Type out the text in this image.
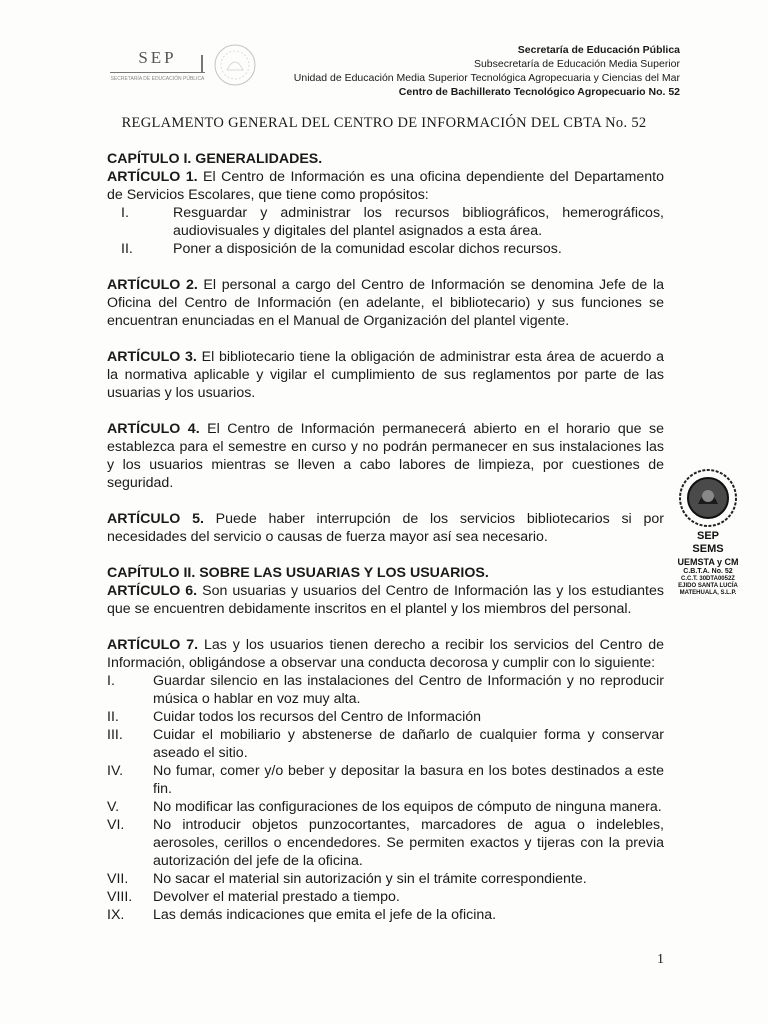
SEP
SECRETARÍA DE EDUCACIÓN PÚBLICA
Secretaría de Educación Pública
Subsecretaría de Educación Media Superior
Unidad de Educación Media Superior Tecnológica Agropecuaria y Ciencias del Mar
Centro de Bachillerato Tecnológico Agropecuario No. 52
REGLAMENTO GENERAL DEL CENTRO DE INFORMACIÓN DEL CBTA No. 52

CAPÍTULO I. GENERALIDADES.

ARTÍCULO 1. El Centro de Información es una oficina dependiente del Departamento de Servicios Escolares, que tiene como propósitos:

I.	Resguardar y administrar los recursos bibliográficos, hemerográficos, audiovisuales y digitales del plantel asignados a esta área.
II.	Poner a disposición de la comunidad escolar dichos recursos.

ARTÍCULO 2. El personal a cargo del Centro de Información se denomina Jefe de la Oficina del Centro de Información (en adelante, el bibliotecario) y sus funciones se encuentran enunciadas en el Manual de Organización del plantel vigente.

ARTÍCULO 3. El bibliotecario tiene la obligación de administrar esta área de acuerdo a la normativa aplicable y vigilar el cumplimiento de sus reglamentos por parte de las usuarias y los usuarios.

ARTÍCULO 4. El Centro de Información permanecerá abierto en el horario que se establezca para el semestre en curso y no podrán permanecer en sus instalaciones las y los usuarios mientras se lleven a cabo labores de limpieza, por cuestiones de seguridad.

ARTÍCULO 5. Puede haber interrupción de los servicios bibliotecarios si por necesidades del servicio o causas de fuerza mayor así sea necesario.

CAPÍTULO II. SOBRE LAS USUARIAS Y LOS USUARIOS.

ARTÍCULO 6. Son usuarias y usuarios del Centro de Información las y los estudiantes que se encuentren debidamente inscritos en el plantel y los miembros del personal.

ARTÍCULO 7. Las y los usuarios tienen derecho a recibir los servicios del Centro de Información, obligándose a observar una conducta decorosa y cumplir con lo siguiente:

I.	Guardar silencio en las instalaciones del Centro de Información y no reproducir música o hablar en voz muy alta.
II.	Cuidar todos los recursos del Centro de Información
III.	Cuidar el mobiliario y abstenerse de dañarlo de cualquier forma y conservar aseado el sitio.
IV.	No fumar, comer y/o beber y depositar la basura en los botes destinados a este fin.
V.	No modificar las configuraciones de los equipos de cómputo de ninguna manera.
VI.	No introducir objetos punzocortantes, marcadores de agua o indelebles, aerosoles, cerillos o encendedores. Se permiten exactos y tijeras con la previa autorización del jefe de la oficina.
VII.	No sacar el material sin autorización y sin el trámite correspondiente.
VIII.	Devolver el material prestado a tiempo.
IX.	Las demás indicaciones que emita el jefe de la oficina.
SEP
SEMS
UEMSTA y CM
C.B.T.A. No. 52
C.C.T. 30DTA0052Z
EJIDO SANTA LUCÍA
MATEHUALA, S.L.P.
1
